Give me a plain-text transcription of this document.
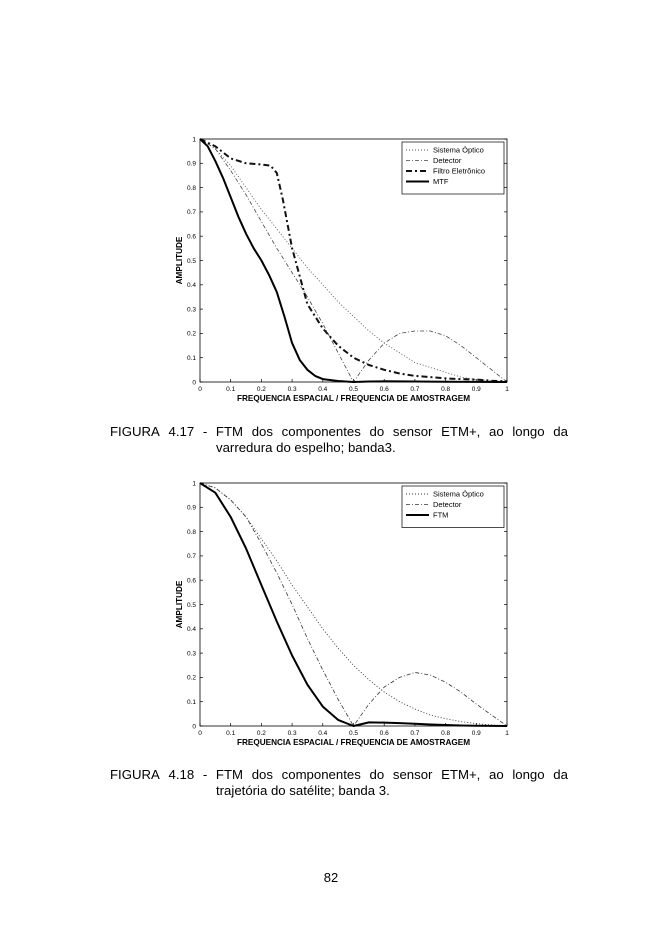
0	0.1	0.2	0.3	0.4	0.5	0.6	0.7	0.8	0.9	1
0
0.1
0.2
0.3
0.4
0.5
0.6
0.7
0.8
0.9
1
FREQUENCIA ESPACIAL / FREQUENCIA DE AMOSTRAGEM
AMPLITUDE
Sistema Óptico
Detector
Filtro Eletrônico
MTF
FIGURA 4.17 - FTM dos componentes do sensor ETM+, ao longo da
varredura do espelho; banda3.
0	0.1	0.2	0.3	0.4	0.5	0.6	0.7	0.8	0.9	1
0
0.1
0.2
0.3
0.4
0.5
0.6
0.7
0.8
0.9
1
FREQUENCIA ESPACIAL / FREQUENCIA DE AMOSTRAGEM
AMPLITUDE
Sistema Óptico
Detector
FTM
FIGURA 4.18 - FTM dos componentes do sensor ETM+, ao longo da
trajetória do satélite; banda 3.
82
